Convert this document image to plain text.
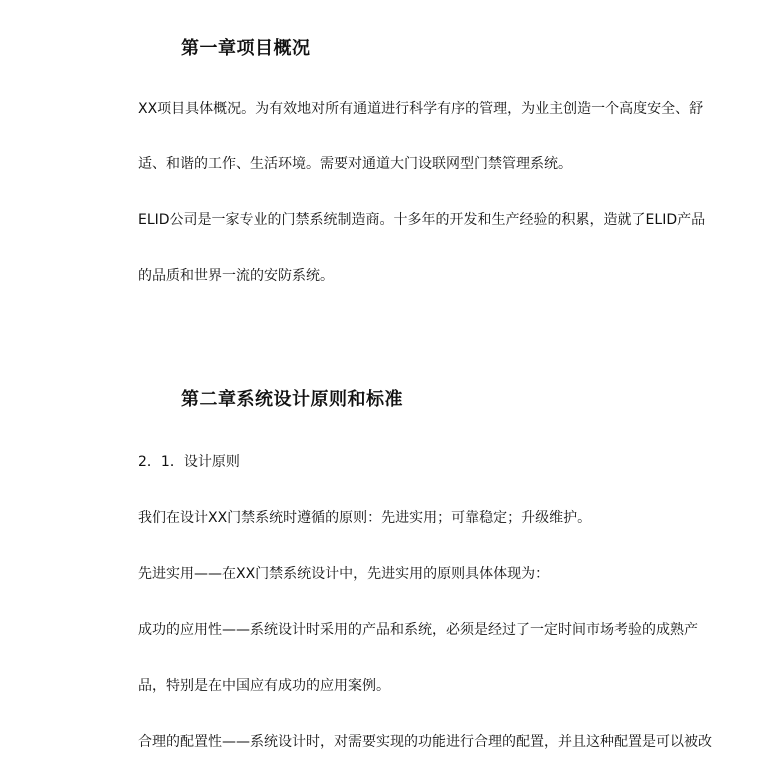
第一章项目概况

XX项目具体概况。为有效地对所有通道进行科学有序的管理，为业主创造一个高度安全、舒

适、和谐的工作、生活环境。需要对通道大门设联网型门禁管理系统。

ELID公司是一家专业的门禁系统制造商。十多年的开发和生产经验的积累，造就了ELID产品

的品质和世界一流的安防系统。

第二章系统设计原则和标准

2．1．设计原则

我们在设计XX门禁系统时遵循的原则：先进实用；可靠稳定；升级维护。

先进实用——在XX门禁系统设计中，先进实用的原则具体体现为：

成功的应用性——系统设计时采用的产品和系统，必须是经过了一定时间市场考验的成熟产

品，特别是在中国应有成功的应用案例。

合理的配置性——系统设计时，对需要实现的功能进行合理的配置，并且这种配置是可以被改
